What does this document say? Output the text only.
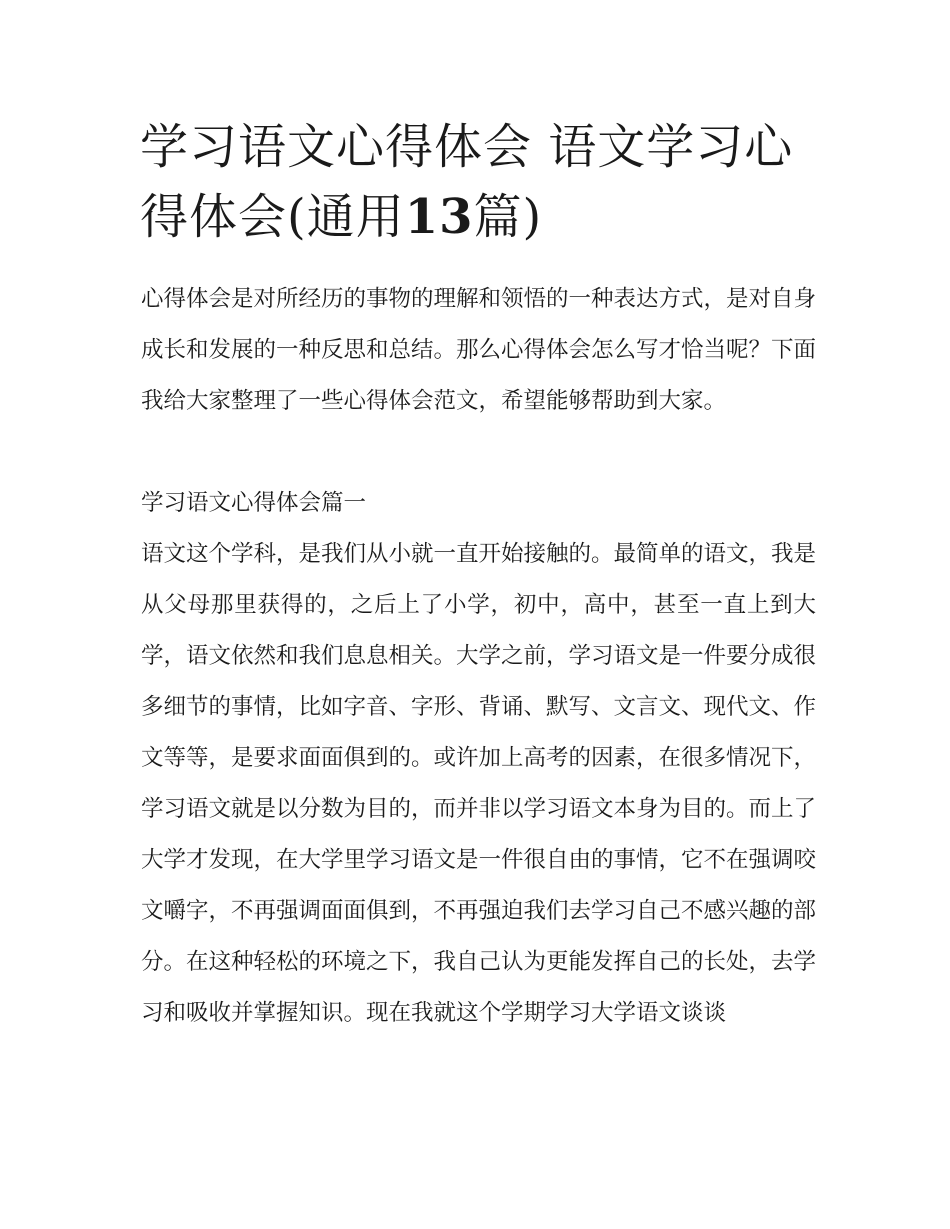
学习语文心得体会 语文学习心得体会(通用13篇)

心得体会是对所经历的事物的理解和领悟的一种表达方式，是对自身成长和发展的一种反思和总结。那么心得体会怎么写才恰当呢？下面我给大家整理了一些心得体会范文，希望能够帮助到大家。

学习语文心得体会篇一

语文这个学科，是我们从小就一直开始接触的。最简单的语文，我是从父母那里获得的，之后上了小学，初中，高中，甚至一直上到大学，语文依然和我们息息相关。大学之前，学习语文是一件要分成很多细节的事情，比如字音、字形、背诵、默写、文言文、现代文、作文等等，是要求面面俱到的。或许加上高考的因素，在很多情况下，学习语文就是以分数为目的，而并非以学习语文本身为目的。而上了大学才发现，在大学里学习语文是一件很自由的事情，它不在强调咬文嚼字，不再强调面面俱到，不再强迫我们去学习自己不感兴趣的部分。在这种轻松的环境之下，我自己认为更能发挥自己的长处，去学习和吸收并掌握知识。现在我就这个学期学习大学语文谈谈
